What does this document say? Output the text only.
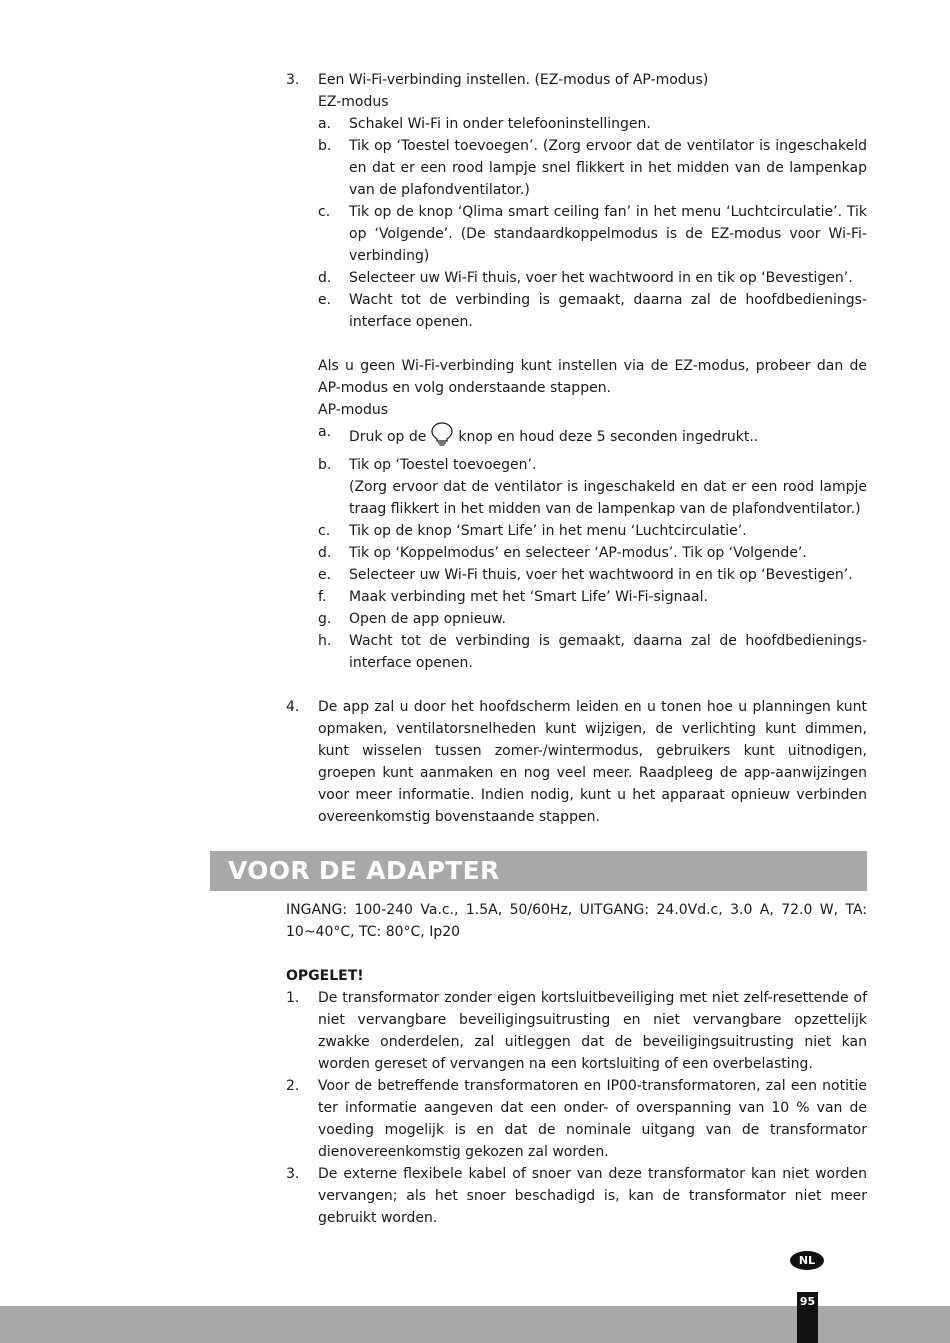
3. Een Wi-Fi-verbinding instellen. (EZ-modus of AP-modus)
EZ-modus
a. Schakel Wi-Fi in onder telefooninstellingen.
b. Tik op ‘Toestel toevoegen’. (Zorg ervoor dat de ventilator is ingeschakeld en dat er een rood lampje snel flikkert in het midden van de lampenkap van de plafondventilator.)
c. Tik op de knop ‘Qlima smart ceiling fan’ in het menu ‘Luchtcirculatie’. Tik op ‘Volgende’. (De standaardkoppelmodus is de EZ-modus voor Wi-Fi-verbinding)
d. Selecteer uw Wi-Fi thuis, voer het wachtwoord in en tik op ‘Bevestigen’.
e. Wacht tot de verbinding is gemaakt, daarna zal de hoofdbedienings-interface openen.
Als u geen Wi-Fi-verbinding kunt instellen via de EZ-modus, probeer dan de AP-modus en volg onderstaande stappen.
AP-modus
a. Druk op de knop en houd deze 5 seconden ingedrukt..
b. Tik op ‘Toestel toevoegen’.
(Zorg ervoor dat de ventilator is ingeschakeld en dat er een rood lampje traag flikkert in het midden van de lampenkap van de plafondventilator.)
c. Tik op de knop ‘Smart Life’ in het menu ‘Luchtcirculatie’.
d. Tik op ‘Koppelmodus’ en selecteer ‘AP-modus’. Tik op ‘Volgende’.
e. Selecteer uw Wi-Fi thuis, voer het wachtwoord in en tik op ‘Bevestigen’.
f. Maak verbinding met het ‘Smart Life’ Wi-Fi-signaal.
g. Open de app opnieuw.
h. Wacht tot de verbinding is gemaakt, daarna zal de hoofdbedienings-interface openen.
4. De app zal u door het hoofdscherm leiden en u tonen hoe u planningen kunt opmaken, ventilatorsnelheden kunt wijzigen, de verlichting kunt dimmen, kunt wisselen tussen zomer-/wintermodus, gebruikers kunt uitnodigen, groepen kunt aanmaken en nog veel meer. Raadpleeg de app-aanwijzingen voor meer informatie. Indien nodig, kunt u het apparaat opnieuw verbinden overeenkomstig bovenstaande stappen.
VOOR DE ADAPTER
INGANG: 100-240 Va.c., 1.5A, 50/60Hz, UITGANG: 24.0Vd.c, 3.0 A, 72.0 W, TA: 10~40°C, TC: 80°C, Ip20
OPGELET!
1. De transformator zonder eigen kortsluitbeveiliging met niet zelf-resettende of niet vervangbare beveiligingsuitrusting en niet vervangbare opzettelijk zwakke onderdelen, zal uitleggen dat de beveiligingsuitrusting niet kan worden gereset of vervangen na een kortsluiting of een overbelasting.
2. Voor de betreffende transformatoren en IP00-transformatoren, zal een notitie ter informatie aangeven dat een onder- of overspanning van 10 % van de voeding mogelijk is en dat de nominale uitgang van de transformator dienovereenkomstig gekozen zal worden.
3. De externe flexibele kabel of snoer van deze transformator kan niet worden vervangen; als het snoer beschadigd is, kan de transformator niet meer gebruikt worden.
NL
95
